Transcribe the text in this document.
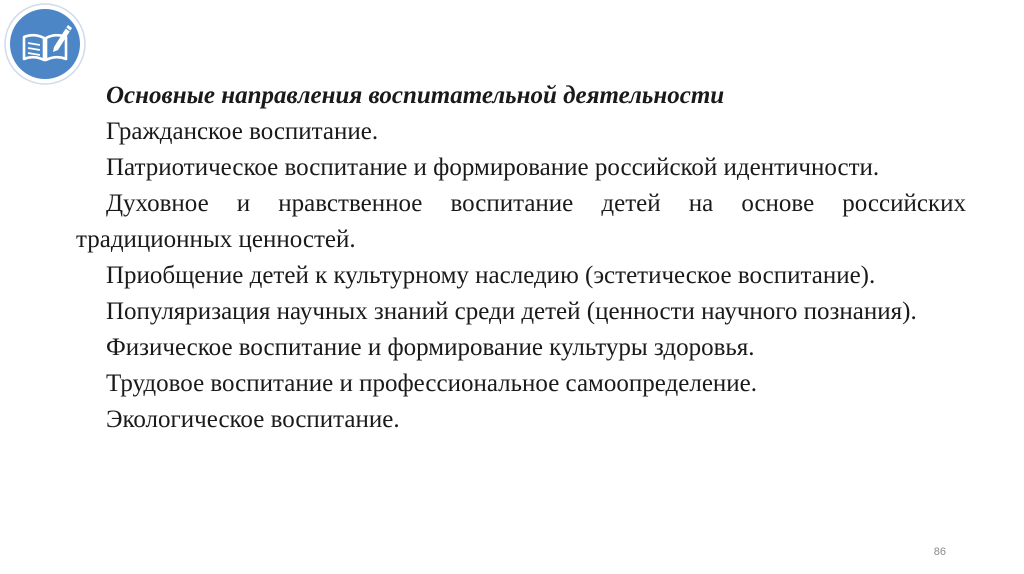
Основные направления воспитательной деятельности

Гражданское воспитание.

Патриотическое воспитание и формирование российской идентичности.

Духовное и нравственное воспитание детей на основе российских традиционных ценностей.

Приобщение детей к культурному наследию (эстетическое воспитание).

Популяризация научных знаний среди детей (ценности научного познания).

Физическое воспитание и формирование культуры здоровья.

Трудовое воспитание и профессиональное самоопределение.

Экологическое воспитание.

86
